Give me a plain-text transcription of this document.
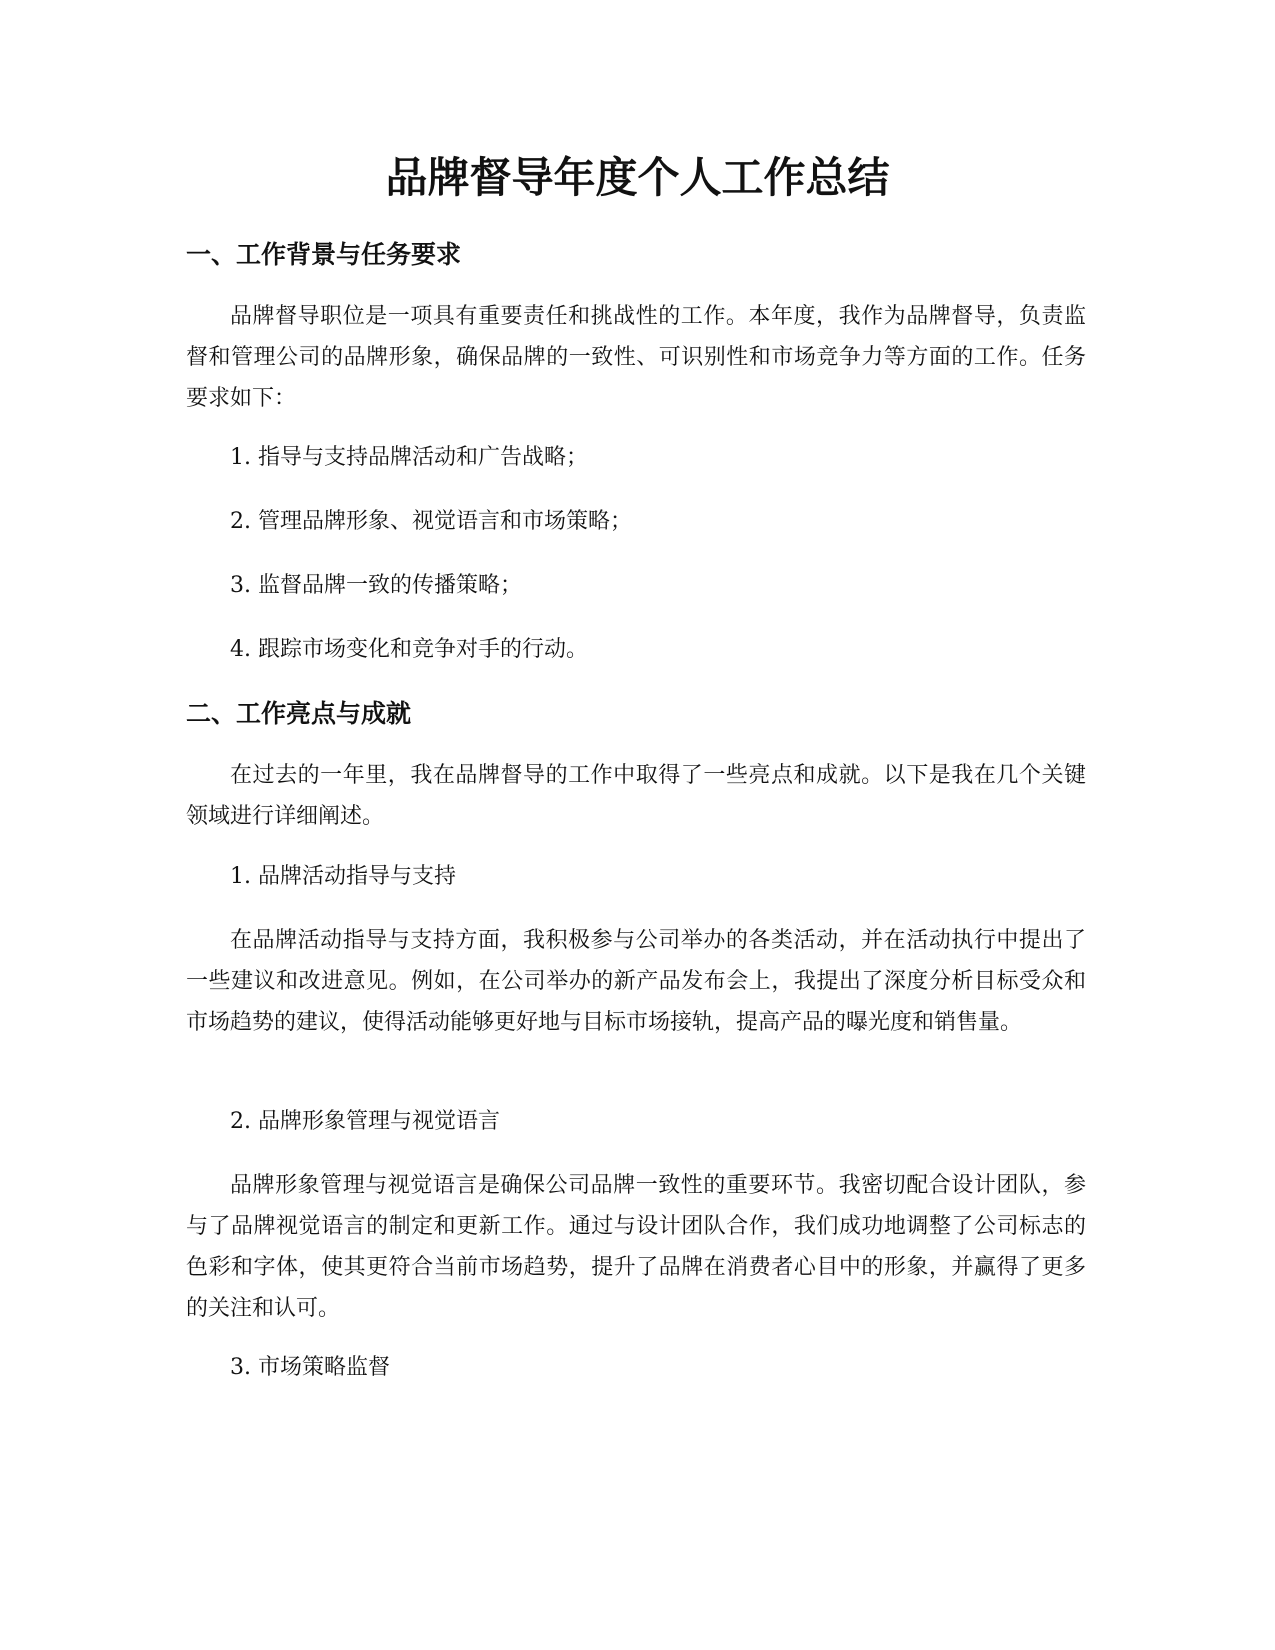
品牌督导年度个人工作总结
一、工作背景与任务要求

品牌督导职位是一项具有重要责任和挑战性的工作。本年度，我作为品牌督导，负责监督和管理公司的品牌形象，确保品牌的一致性、可识别性和市场竞争力等方面的工作。任务要求如下：

1. 指导与支持品牌活动和广告战略；

2. 管理品牌形象、视觉语言和市场策略；

3. 监督品牌一致的传播策略；

4. 跟踪市场变化和竞争对手的行动。

二、工作亮点与成就

在过去的一年里，我在品牌督导的工作中取得了一些亮点和成就。以下是我在几个关键领域进行详细阐述。

1. 品牌活动指导与支持

在品牌活动指导与支持方面，我积极参与公司举办的各类活动，并在活动执行中提出了一些建议和改进意见。例如，在公司举办的新产品发布会上，我提出了深度分析目标受众和市场趋势的建议，使得活动能够更好地与目标市场接轨，提高产品的曝光度和销售量。

2. 品牌形象管理与视觉语言

品牌形象管理与视觉语言是确保公司品牌一致性的重要环节。我密切配合设计团队，参与了品牌视觉语言的制定和更新工作。通过与设计团队合作，我们成功地调整了公司标志的色彩和字体，使其更符合当前市场趋势，提升了品牌在消费者心目中的形象，并赢得了更多的关注和认可。

3. 市场策略监督
